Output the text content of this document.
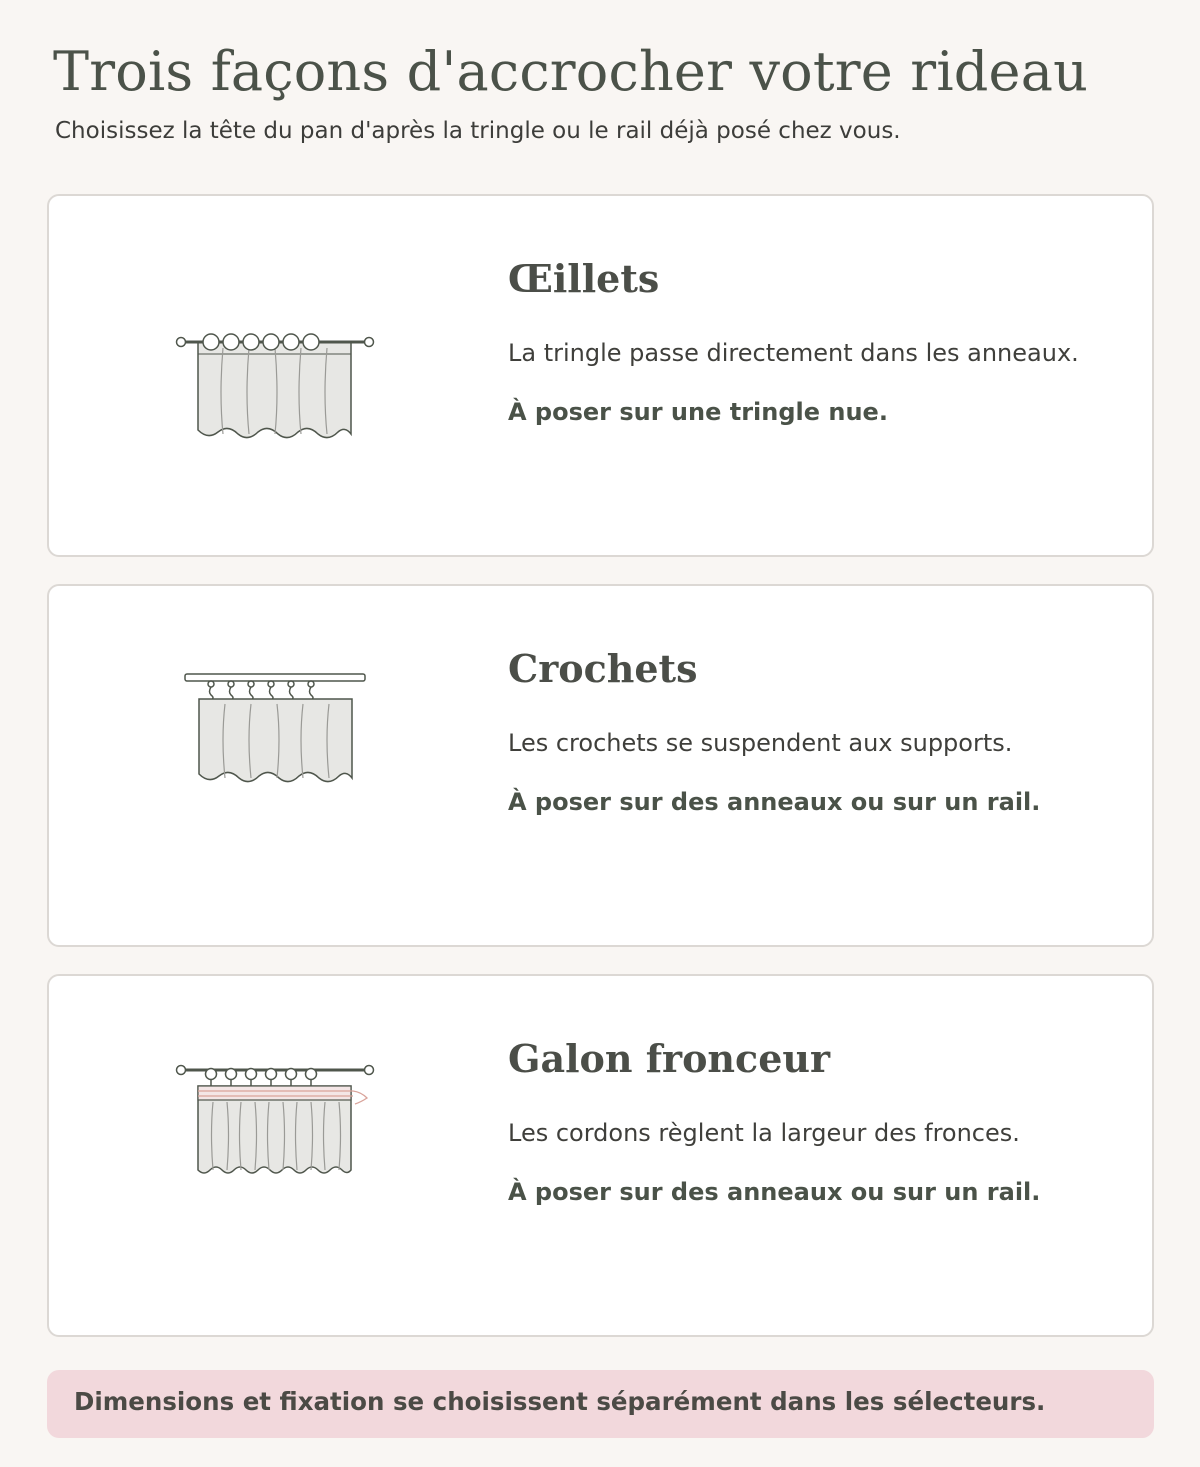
Trois façons d'accrocher votre rideau

Choisissez la tête du pan d'après la tringle ou le rail déjà posé chez vous.

Œillets

La tringle passe directement dans les anneaux.

À poser sur une tringle nue.

Crochets

Les crochets se suspendent aux supports.

À poser sur des anneaux ou sur un rail.

Galon fronceur

Les cordons règlent la largeur des fronces.

À poser sur des anneaux ou sur un rail.

Dimensions et fixation se choisissent séparément dans les sélecteurs.
